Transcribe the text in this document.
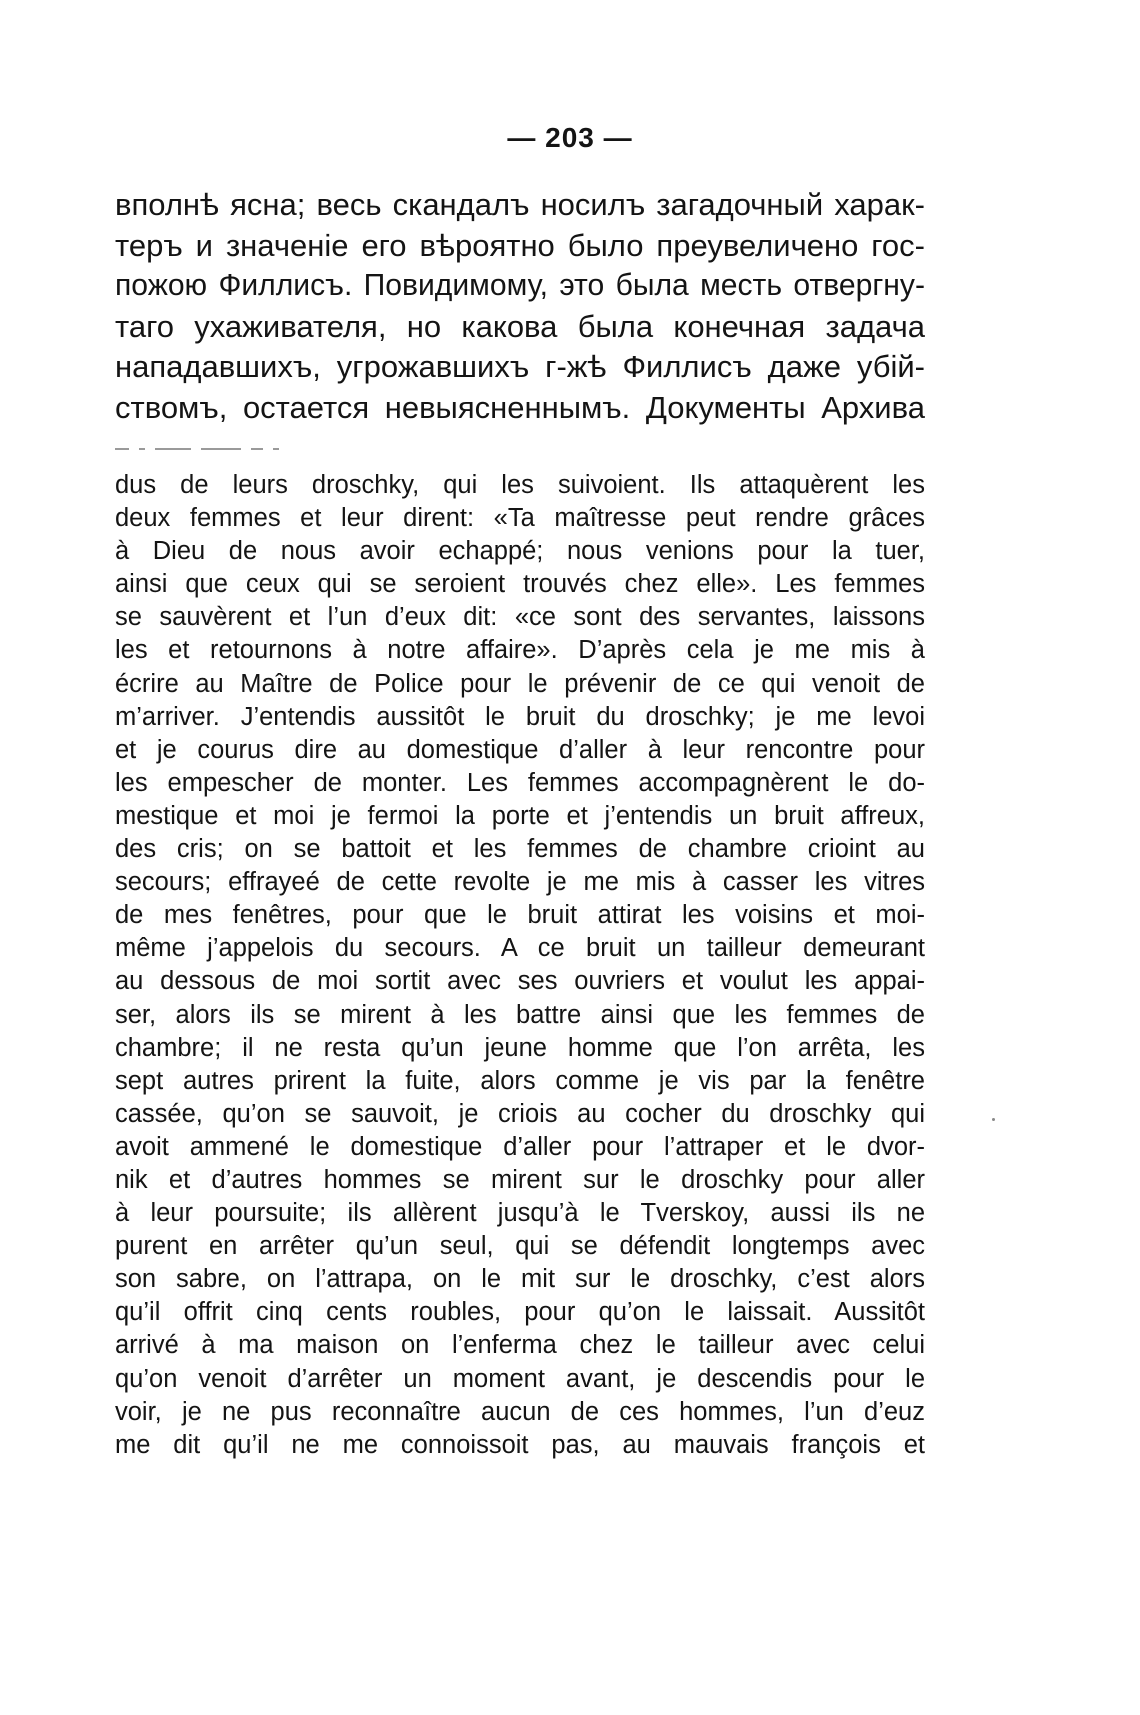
— 203 —
вполнѣ ясна; весь скандалъ носилъ загадочный харак-
теръ и значеніе его вѣроятно было преувеличено гос-
пожою Филлисъ. Повидимому, это была месть отвергну-
таго ухаживателя, но какова была конечная задача
нападавшихъ, угрожавшихъ г-жѣ Филлисъ даже убій-
ствомъ, остается невыясненнымъ. Документы Архива
dus de leurs droschky, qui les suivoient. Ils attaquèrent les
deux femmes et leur dirent: «Ta maîtresse peut rendre grâces
à Dieu de nous avoir echappé; nous venions pour la tuer,
ainsi que ceux qui se seroient trouvés chez elle». Les femmes
se sauvèrent et l’un d’eux dit: «ce sont des servantes, laissons
les et retournons à notre affaire». D’après cela je me mis à
écrire au Maître de Police pour le prévenir de ce qui venoit de
m’arriver. J’entendis aussitôt le bruit du droschky; je me levoi
et je courus dire au domestique d’aller à leur rencontre pour
les empescher de monter. Les femmes accompagnèrent le do-
mestique et moi je fermoi la porte et j’entendis un bruit affreux,
des cris; on se battoit et les femmes de chambre crioint au
secours; effrayeé de cette revolte je me mis à casser les vitres
de mes fenêtres, pour que le bruit attirat les voisins et moi-
même j’appelois du secours. A ce bruit un tailleur demeurant
au dessous de moi sortit avec ses ouvriers et voulut les appai-
ser, alors ils se mirent à les battre ainsi que les femmes de
chambre; il ne resta qu’un jeune homme que l’on arrêta, les
sept autres prirent la fuite, alors comme je vis par la fenêtre
cassée, qu’on se sauvoit, je criois au cocher du droschky qui
avoit ammené le domestique d’aller pour l’attraper et le dvor-
nik et d’autres hommes se mirent sur le droschky pour aller
à leur poursuite; ils allèrent jusqu’à le Tverskoy, aussi ils ne
purent en arrêter qu’un seul, qui se défendit longtemps avec
son sabre, on l’attrapa, on le mit sur le droschky, c’est alors
qu’il offrit cinq cents roubles, pour qu’on le laissait. Aussitôt
arrivé à ma maison on l’enferma chez le tailleur avec celui
qu’on venoit d’arrêter un moment avant, je descendis pour le
voir, je ne pus reconnaître aucun de ces hommes, l’un d’euz
me dit qu’il ne me connoissoit pas, au mauvais françois et
